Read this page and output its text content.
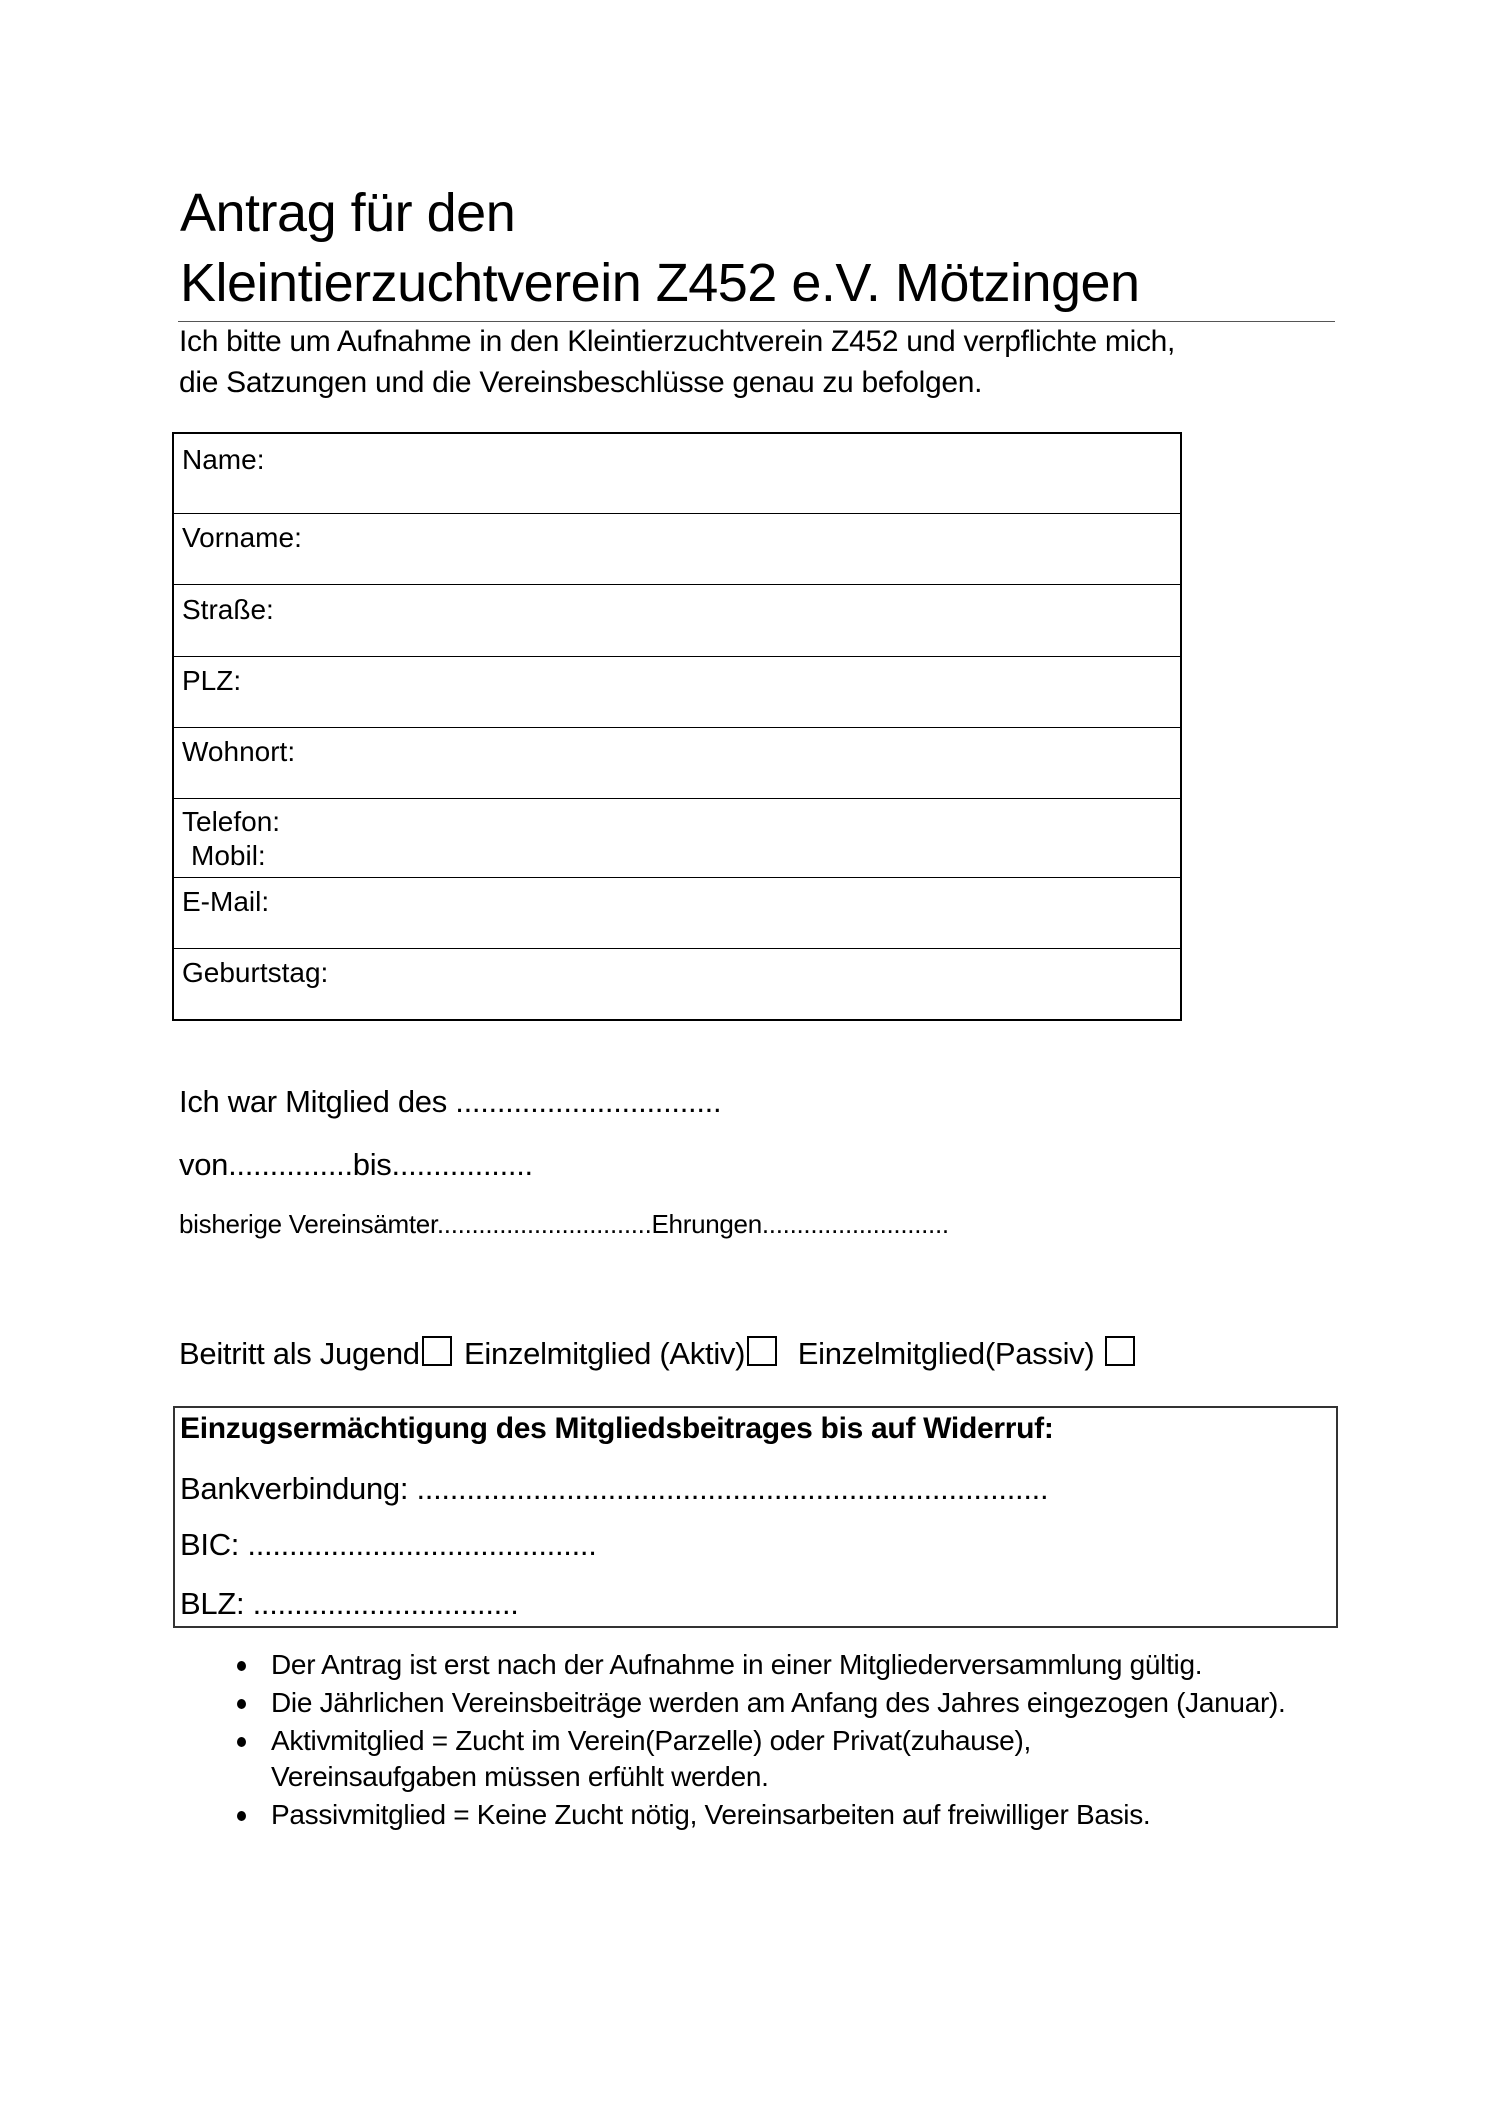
Antrag für den
Kleintierzuchtverein Z452 e.V. Mötzingen
Ich bitte um Aufnahme in den Kleintierzuchtverein Z452 und verpflichte mich,
die Satzungen und die Vereinsbeschlüsse genau zu befolgen.
Name:
Vorname:
Straße:
PLZ:
Wohnort:
Telefon:
Mobil:
E-Mail:
Geburtstag:
Ich war Mitglied des ................................
von...............bis.................
bisherige Vereinsämter...............................Ehrungen...........................
Beitritt als Jugend Einzelmitglied (Aktiv) Einzelmitglied(Passiv)
Einzugsermächtigung des Mitgliedsbeitrages bis auf Widerruf:
Bankverbindung: ............................................................................
BIC: ..........................................
BLZ: ................................
Der Antrag ist erst nach der Aufnahme in einer Mitgliederversammlung gültig.
Die Jährlichen Vereinsbeiträge werden am Anfang des Jahres eingezogen (Januar).
Aktivmitglied = Zucht im Verein(Parzelle) oder Privat(zuhause), Vereinsaufgaben müssen erfühlt werden.
Passivmitglied = Keine Zucht nötig, Vereinsarbeiten auf freiwilliger Basis.
